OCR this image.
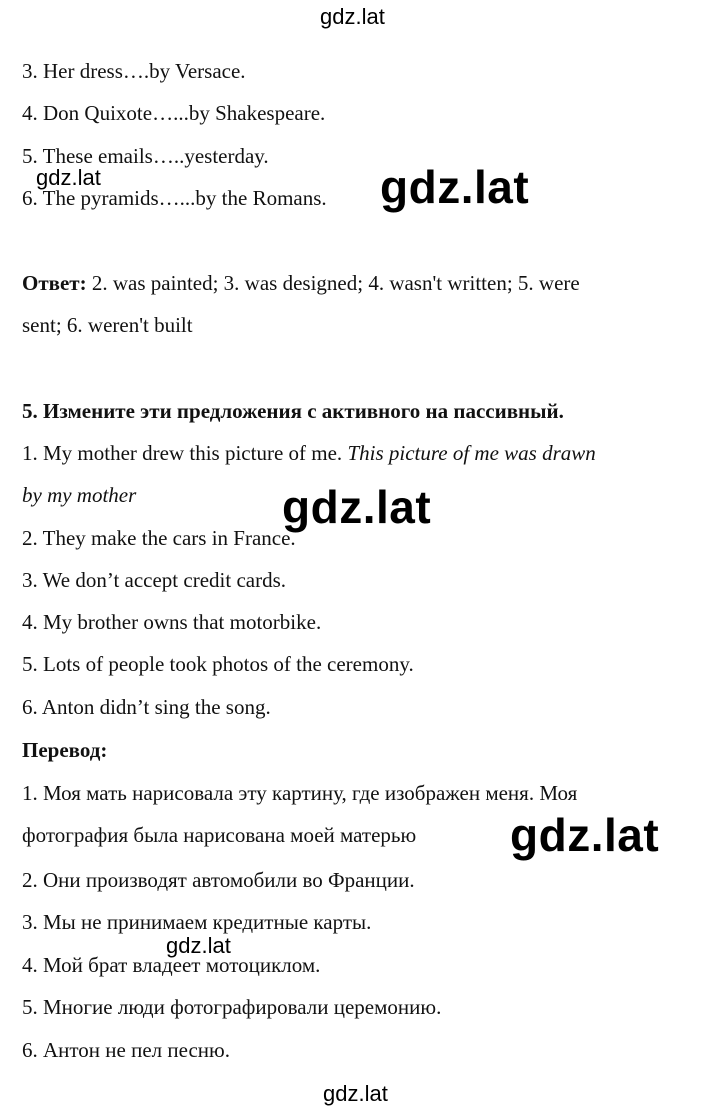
gdz.lat
3. Her dress….by Versace.
4. Don Quixote…...by Shakespeare.
5. These emails…..yesterday.
gdz.lat
6. The pyramids…...by the Romans. gdz.lat
Ответ: 2. was painted; 3. was designed; 4. wasn't written; 5. were
sent; 6. weren't built
5. Измените эти предложения с активного на пассивный.
1. My mother drew this picture of me. This picture of me was drawn
by my mother	gdz.lat
2. They make the cars in France.
3. We don’t accept credit cards.
4. My brother owns that motorbike.
5. Lots of people took photos of the ceremony.
6. Anton didn’t sing the song.
Перевод:
1. Моя мать нарисовала эту картину, где изображен меня. Моя
фотография была нарисована моей матерью gdz.lat
2. Они производят автомобили во Франции.
3. Мы не принимаем кредитные карты.
gdz.lat
4. Мой брат владеет мотоциклом.
5. Многие люди фотографировали церемонию.
6. Антон не пел песню.
gdz.lat
